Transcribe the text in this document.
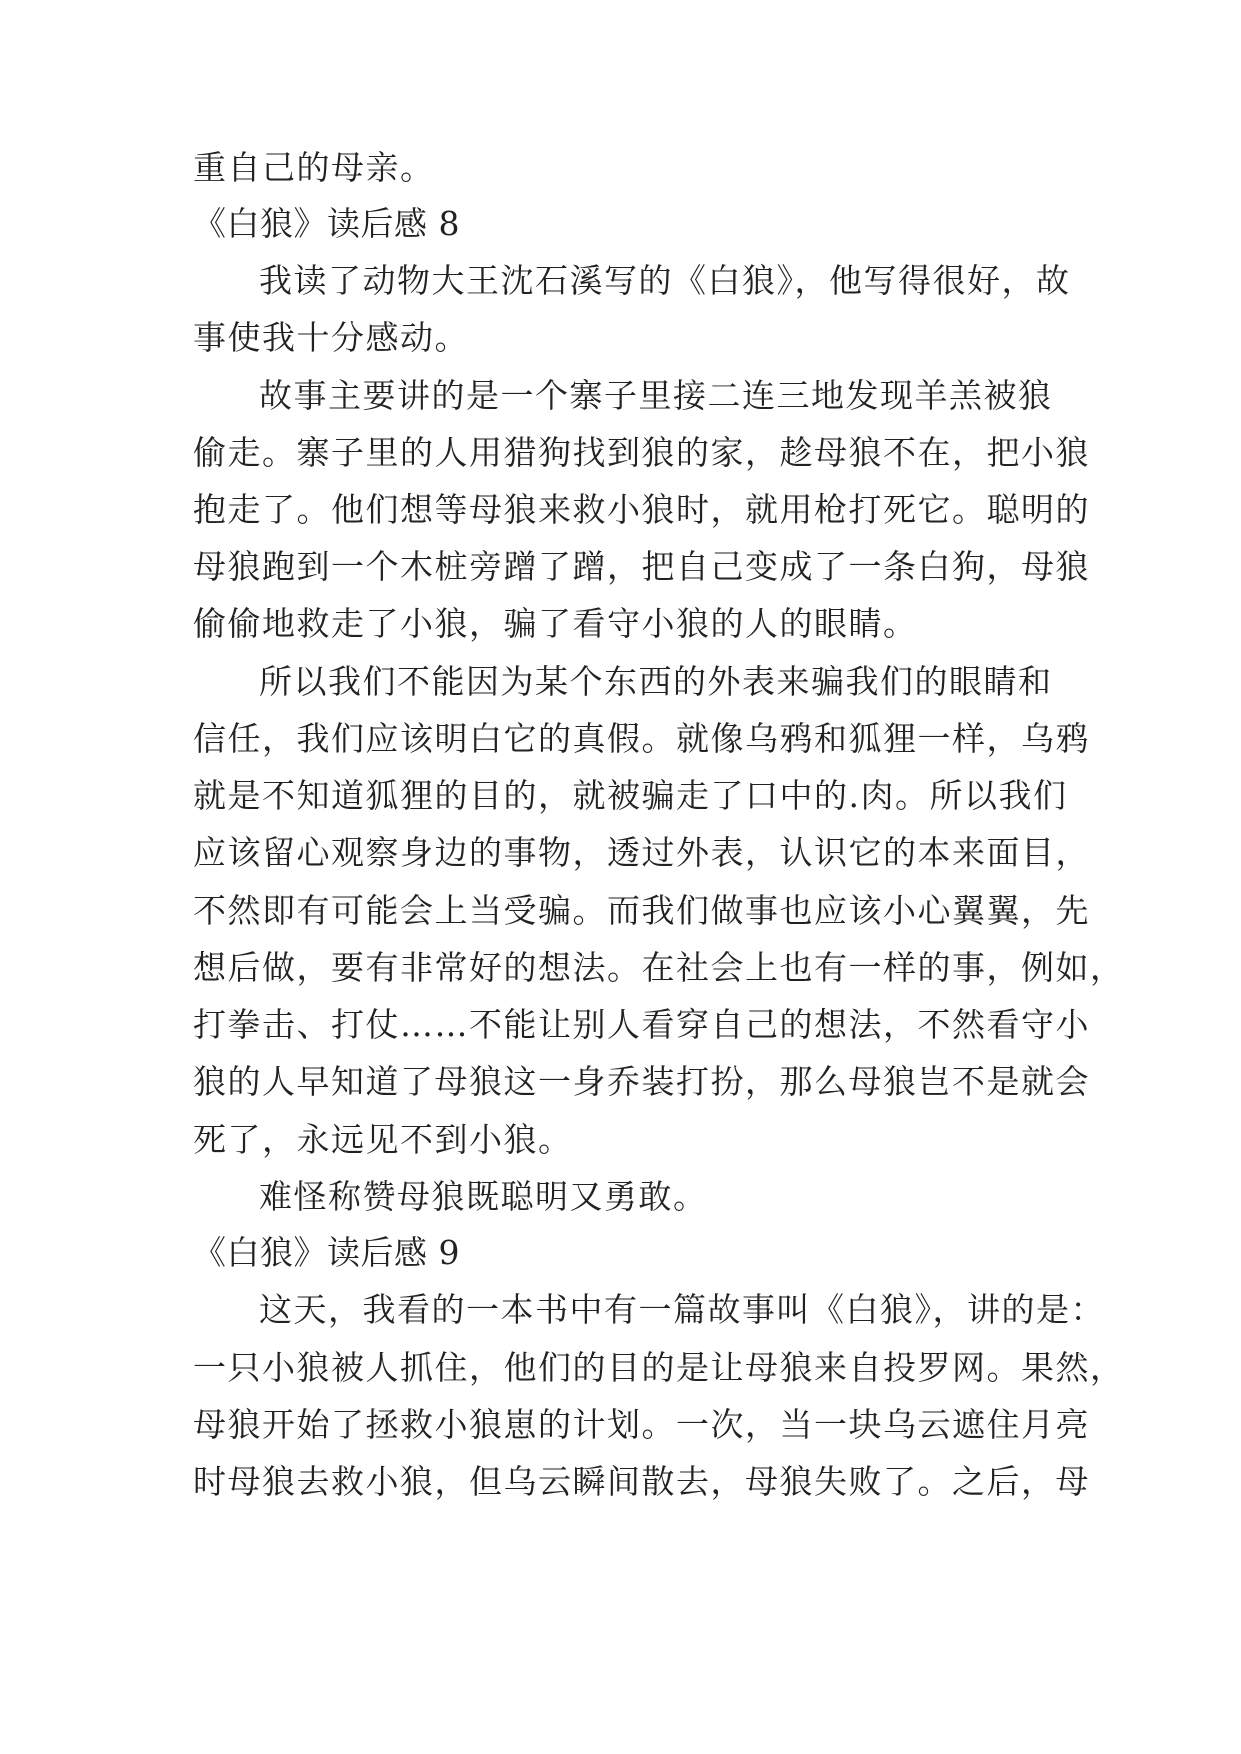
重自己的母亲。
《白狼》读后感 8
我读了动物大王沈石溪写的《白狼》，他写得很好，故
事使我十分感动。
故事主要讲的是一个寨子里接二连三地发现羊羔被狼
偷走。寨子里的人用猎狗找到狼的家，趁母狼不在，把小狼
抱走了。他们想等母狼来救小狼时，就用枪打死它。聪明的
母狼跑到一个木桩旁蹭了蹭，把自己变成了一条白狗，母狼
偷偷地救走了小狼，骗了看守小狼的人的眼睛。
所以我们不能因为某个东西的外表来骗我们的眼睛和
信任，我们应该明白它的真假。就像乌鸦和狐狸一样，乌鸦
就是不知道狐狸的目的，就被骗走了口中的.肉。所以我们
应该留心观察身边的事物，透过外表，认识它的本来面目，
不然即有可能会上当受骗。而我们做事也应该小心翼翼，先
想后做，要有非常好的想法。在社会上也有一样的事，例如，
打拳击、打仗……不能让别人看穿自己的想法，不然看守小
狼的人早知道了母狼这一身乔装打扮，那么母狼岂不是就会
死了，永远见不到小狼。
难怪称赞母狼既聪明又勇敢。
《白狼》读后感 9
这天，我看的一本书中有一篇故事叫《白狼》，讲的是：
一只小狼被人抓住，他们的目的是让母狼来自投罗网。果然，
母狼开始了拯救小狼崽的计划。一次，当一块乌云遮住月亮
时母狼去救小狼，但乌云瞬间散去，母狼失败了。之后，母
